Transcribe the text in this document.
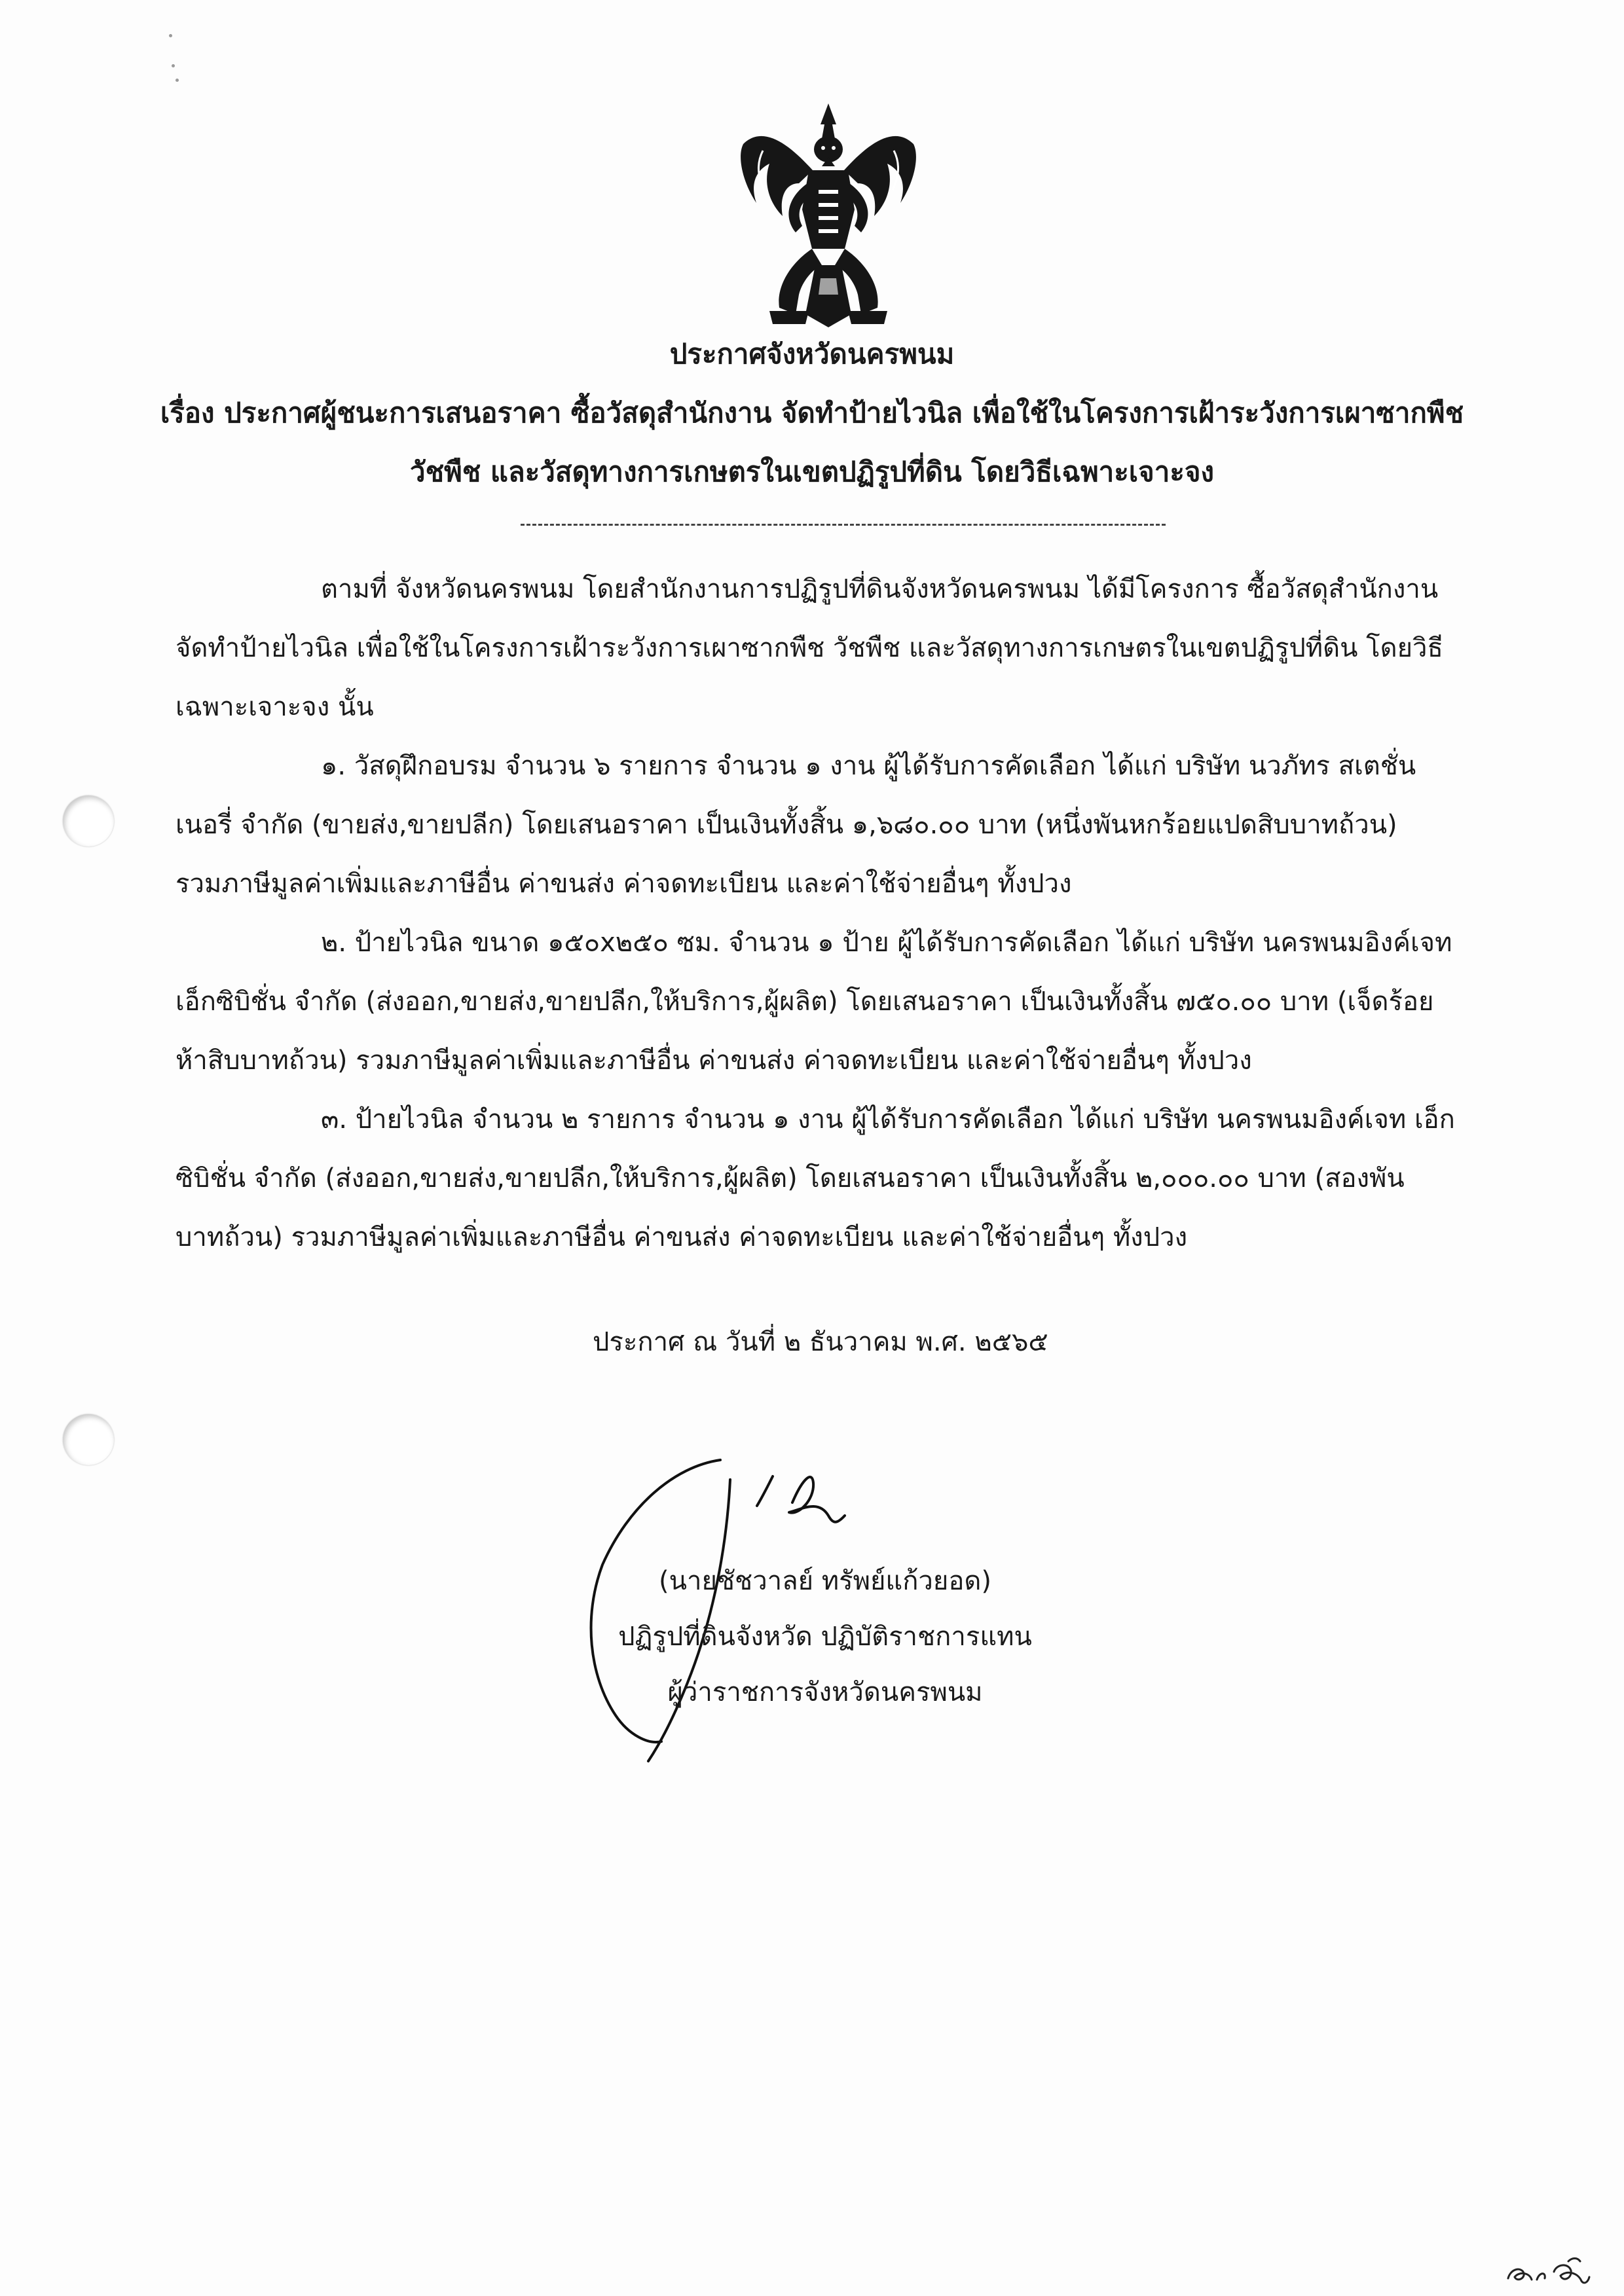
ประกาศจังหวัดนครพนม
เรื่อง ประกาศผู้ชนะการเสนอราคา ซื้อวัสดุสำนักงาน จัดทำป้ายไวนิล เพื่อใช้ในโครงการเฝ้าระวังการเผาซากพืช
วัชพืช และวัสดุทางการเกษตรในเขตปฏิรูปที่ดิน โดยวิธีเฉพาะเจาะจง
ตามที่ จังหวัดนครพนม โดยสำนักงานการปฏิรูปที่ดินจังหวัดนครพนม ได้มีโครงการ ซื้อวัสดุสำนักงาน
จัดทำป้ายไวนิล เพื่อใช้ในโครงการเฝ้าระวังการเผาซากพืช วัชพืช และวัสดุทางการเกษตรในเขตปฏิรูปที่ดิน โดยวิธี
เฉพาะเจาะจง นั้น
๑. วัสดุฝึกอบรม จำนวน ๖ รายการ จำนวน ๑ งาน ผู้ได้รับการคัดเลือก ได้แก่ บริษัท นวภัทร สเตชั่น
เนอรี่ จำกัด (ขายส่ง,ขายปลีก) โดยเสนอราคา เป็นเงินทั้งสิ้น ๑,๖๘๐.๐๐ บาท (หนึ่งพันหกร้อยแปดสิบบาทถ้วน)
รวมภาษีมูลค่าเพิ่มและภาษีอื่น ค่าขนส่ง ค่าจดทะเบียน และค่าใช้จ่ายอื่นๆ ทั้งปวง
๒. ป้ายไวนิล ขนาด ๑๕๐x๒๕๐ ซม. จำนวน ๑ ป้าย ผู้ได้รับการคัดเลือก ได้แก่ บริษัท นครพนมอิงค์เจท
เอ็กซิบิชั่น จำกัด (ส่งออก,ขายส่ง,ขายปลีก,ให้บริการ,ผู้ผลิต) โดยเสนอราคา เป็นเงินทั้งสิ้น ๗๕๐.๐๐ บาท (เจ็ดร้อย
ห้าสิบบาทถ้วน) รวมภาษีมูลค่าเพิ่มและภาษีอื่น ค่าขนส่ง ค่าจดทะเบียน และค่าใช้จ่ายอื่นๆ ทั้งปวง
๓. ป้ายไวนิล จำนวน ๒ รายการ จำนวน ๑ งาน ผู้ได้รับการคัดเลือก ได้แก่ บริษัท นครพนมอิงค์เจท เอ็ก
ซิบิชั่น จำกัด (ส่งออก,ขายส่ง,ขายปลีก,ให้บริการ,ผู้ผลิต) โดยเสนอราคา เป็นเงินทั้งสิ้น ๒,๐๐๐.๐๐ บาท (สองพัน
บาทถ้วน) รวมภาษีมูลค่าเพิ่มและภาษีอื่น ค่าขนส่ง ค่าจดทะเบียน และค่าใช้จ่ายอื่นๆ ทั้งปวง
ประกาศ ณ วันที่ ๒ ธันวาคม พ.ศ. ๒๕๖๕
(นายชัชวาลย์ ทรัพย์แก้วยอด)
ปฏิรูปที่ดินจังหวัด ปฏิบัติราชการแทน
ผู้ว่าราชการจังหวัดนครพนม
